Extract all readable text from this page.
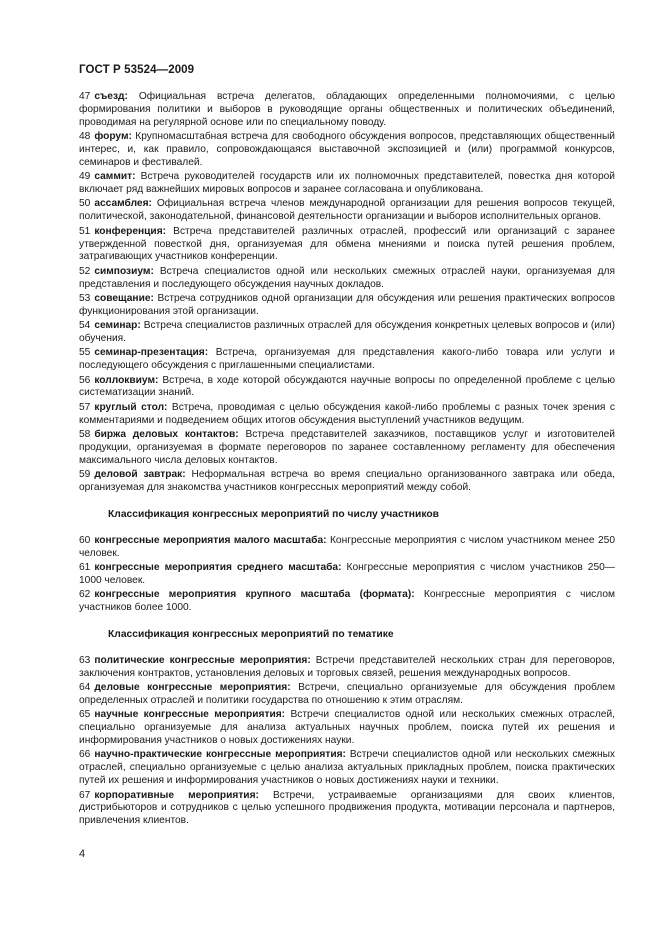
ГОСТ Р 53524—2009

47 съезд: Официальная встреча делегатов, обладающих определенными полномочиями, с целью формирования политики и выборов в руководящие органы общественных и политических объединений, проводимая на регулярной основе или по специальному поводу.

48 форум: Крупномасштабная встреча для свободного обсуждения вопросов, представляющих общественный интерес, и, как правило, сопровождающаяся выставочной экспозицией и (или) программой конкурсов, семинаров и фестивалей.

49 саммит: Встреча руководителей государств или их полномочных представителей, повестка дня которой включает ряд важнейших мировых вопросов и заранее согласована и опубликована.

50 ассамблея: Официальная встреча членов международной организации для решения вопросов текущей, политической, законодательной, финансовой деятельности организации и выборов исполнительных органов.

51 конференция: Встреча представителей различных отраслей, профессий или организаций с заранее утвержденной повесткой дня, организуемая для обмена мнениями и поиска путей решения проблем, затрагивающих участников конференции.

52 симпозиум: Встреча специалистов одной или нескольких смежных отраслей науки, организуемая для представления и последующего обсуждения научных докладов.

53 совещание: Встреча сотрудников одной организации для обсуждения или решения практических вопросов функционирования этой организации.

54 семинар: Встреча специалистов различных отраслей для обсуждения конкретных целевых вопросов и (или) обучения.

55 семинар-презентация: Встреча, организуемая для представления какого-либо товара или услуги и последующего обсуждения с приглашенными специалистами.

56 коллоквиум: Встреча, в ходе которой обсуждаются научные вопросы по определенной проблеме с целью систематизации знаний.

57 круглый стол: Встреча, проводимая с целью обсуждения какой-либо проблемы с разных точек зрения с комментариями и подведением общих итогов обсуждения выступлений участников ведущим.

58 биржа деловых контактов: Встреча представителей заказчиков, поставщиков услуг и изготовителей продукции, организуемая в формате переговоров по заранее составленному регламенту для обеспечения максимального числа деловых контактов.

59 деловой завтрак: Неформальная встреча во время специально организованного завтрака или обеда, организуемая для знакомства участников конгрессных мероприятий между собой.

Классификация конгрессных мероприятий по числу участников

60 конгрессные мероприятия малого масштаба: Конгрессные мероприятия с числом участником менее 250 человек.

61 конгрессные мероприятия среднего масштаба: Конгрессные мероприятия с числом участников 250—1000 человек.

62 конгрессные мероприятия крупного масштаба (формата): Конгрессные мероприятия с числом участников более 1000.

Классификация конгрессных мероприятий по тематике

63 политические конгрессные мероприятия: Встречи представителей нескольких стран для переговоров, заключения контрактов, установления деловых и торговых связей, решения международных вопросов.

64 деловые конгрессные мероприятия: Встречи, специально организуемые для обсуждения проблем определенных отраслей и политики государства по отношению к этим отраслям.

65 научные конгрессные мероприятия: Встречи специалистов одной или нескольких смежных отраслей, специально организуемые для анализа актуальных научных проблем, поиска путей их решения и информирования участников о новых достижениях науки.

66 научно-практические конгрессные мероприятия: Встречи специалистов одной или нескольких смежных отраслей, специально организуемые с целью анализа актуальных прикладных проблем, поиска практических путей их решения и информирования участников о новых достижениях науки и техники.

67 корпоративные мероприятия: Встречи, устраиваемые организациями для своих клиентов, дистрибьюторов и сотрудников с целью успешного продвижения продукта, мотивации персонала и партнеров, привлечения клиентов.

4
